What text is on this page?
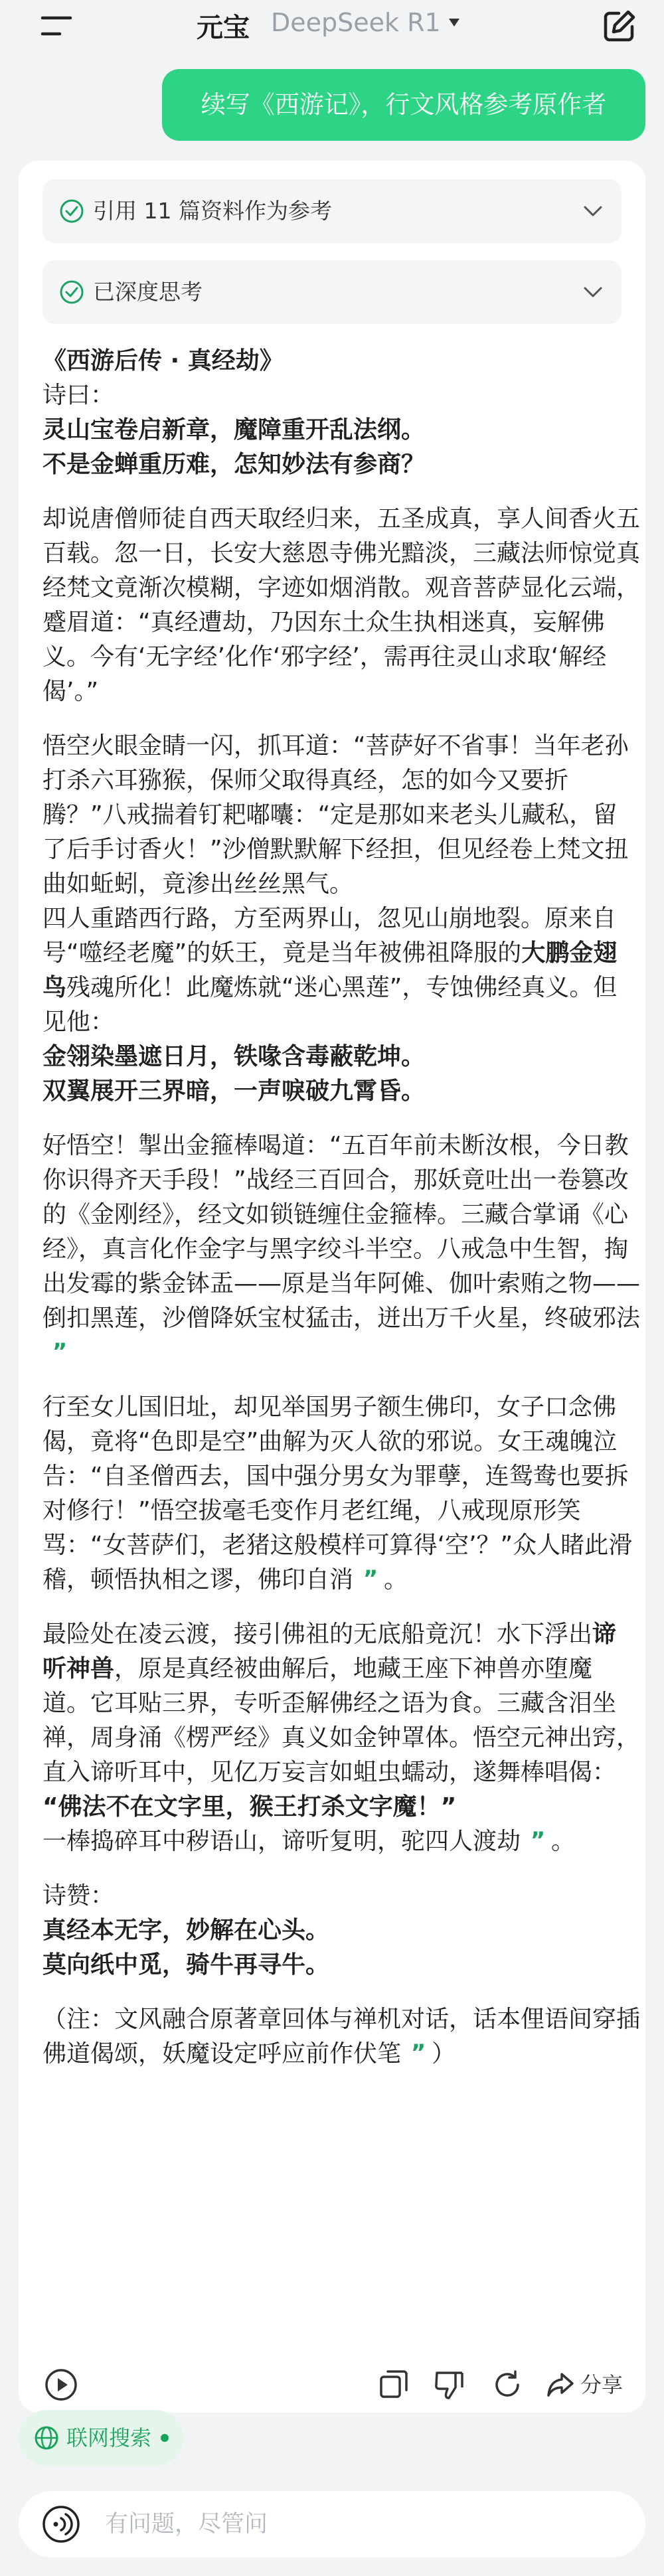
元宝 DeepSeek R1
续写《西游记》，行文风格参考原作者
引用 11 篇资料作为参考
已深度思考

《西游后传 · 真经劫》

诗曰：

灵山宝卷启新章，魔障重开乱法纲。
不是金蝉重历难，怎知妙法有参商？

却说唐僧师徒自西天取经归来，五圣成真，享人间香火五百载。忽一日，长安大慈恩寺佛光黯淡，三藏法师惊觉真经梵文竟渐次模糊，字迹如烟消散。观音菩萨显化云端，蹙眉道：“真经遭劫，乃因东土众生执相迷真，妄解佛义。今有‘无字经’化作‘邪字经’，需再往灵山求取‘解经偈’。”

悟空火眼金睛一闪，抓耳道：“菩萨好不省事！当年老孙打杀六耳猕猴，保师父取得真经，怎的如今又要折腾？”八戒揣着钉耙嘟囔：“定是那如来老头儿藏私，留了后手讨香火！”沙僧默默解下经担，但见经卷上梵文扭曲如蚯蚓，竟渗出丝丝黑气。

四人重踏西行路，方至两界山，忽见山崩地裂。原来自号“噬经老魔”的妖王，竟是当年被佛祖降服的大鹏金翅鸟残魂所化！此魔炼就“迷心黑莲”，专蚀佛经真义。但见他：

金翎染墨遮日月，铁喙含毒蔽乾坤。
双翼展开三界暗，一声唳破九霄昏。

好悟空！掣出金箍棒喝道：“五百年前未断汝根，今日教你识得齐天手段！”战经三百回合，那妖竟吐出一卷篡改的《金刚经》，经文如锁链缠住金箍棒。三藏合掌诵《心经》，真言化作金字与黑字绞斗半空。八戒急中生智，掏出发霉的紫金钵盂——原是当年阿傩、伽叶索贿之物——倒扣黑莲，沙僧降妖宝杖猛击，迸出万千火星，终破邪法
”

行至女儿国旧址，却见举国男子额生佛印，女子口念佛偈，竟将“色即是空”曲解为灭人欲的邪说。女王魂魄泣告：“自圣僧西去，国中强分男女为罪孽，连鸳鸯也要拆对修行！”悟空拔毫毛变作月老红绳，八戒现原形笑骂：“女菩萨们，老猪这般模样可算得‘空’？”众人睹此滑稽，顿悟执相之谬，佛印自消 ” 。

最险处在凌云渡，接引佛祖的无底船竟沉！水下浮出谛听神兽，原是真经被曲解后，地藏王座下神兽亦堕魔道。它耳贴三界，专听歪解佛经之语为食。三藏含泪坐禅，周身涌《楞严经》真义如金钟罩体。悟空元神出窍，直入谛听耳中，见亿万妄言如蛆虫蠕动，遂舞棒唱偈：

“佛法不在文字里，猴王打杀文字魔！”

一棒捣碎耳中秽语山，谛听复明，驼四人渡劫 ” 。

诗赞：

真经本无字，妙解在心头。
莫向纸中觅，骑牛再寻牛。

（注：文风融合原著章回体与禅机对话，话本俚语间穿插佛道偈颂，妖魔设定呼应前作伏笔 ” ）

分享
联网搜索
有问题，尽管问
